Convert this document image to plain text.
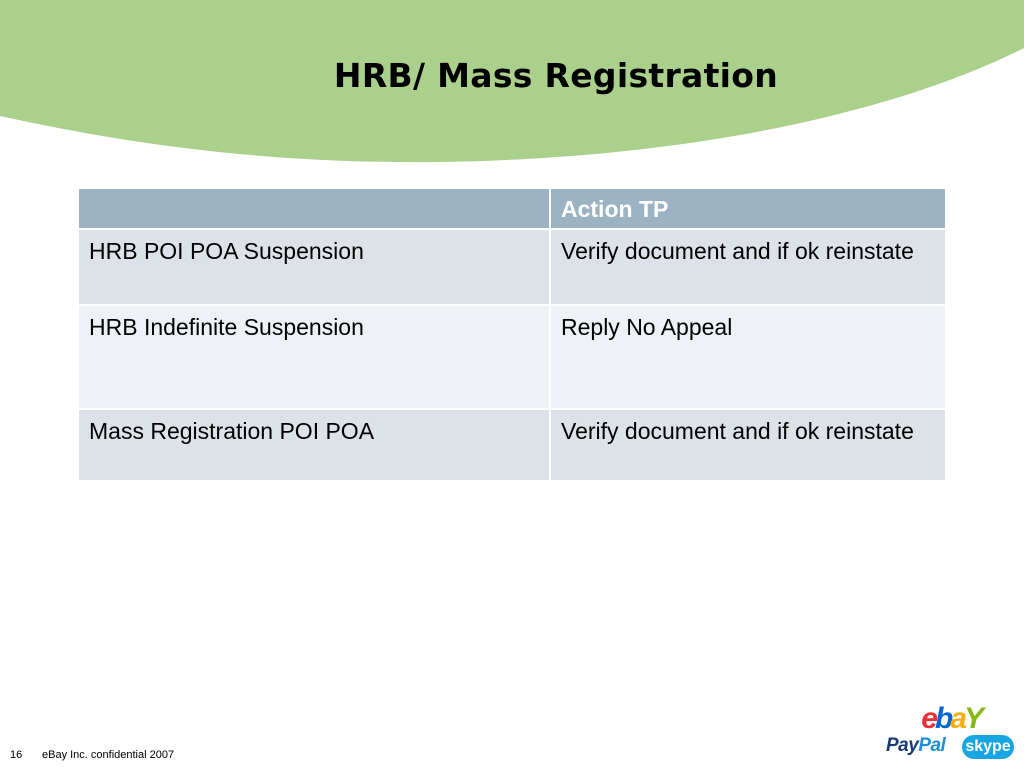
HRB/ Mass Registration
	Action TP
HRB POI POA Suspension	Verify document and if ok reinstate
HRB Indefinite Suspension	Reply No Appeal
Mass Registration POI POA	Verify document and if ok reinstate
16 eBay Inc. confidential 2007
ebaY
PayPal skype
